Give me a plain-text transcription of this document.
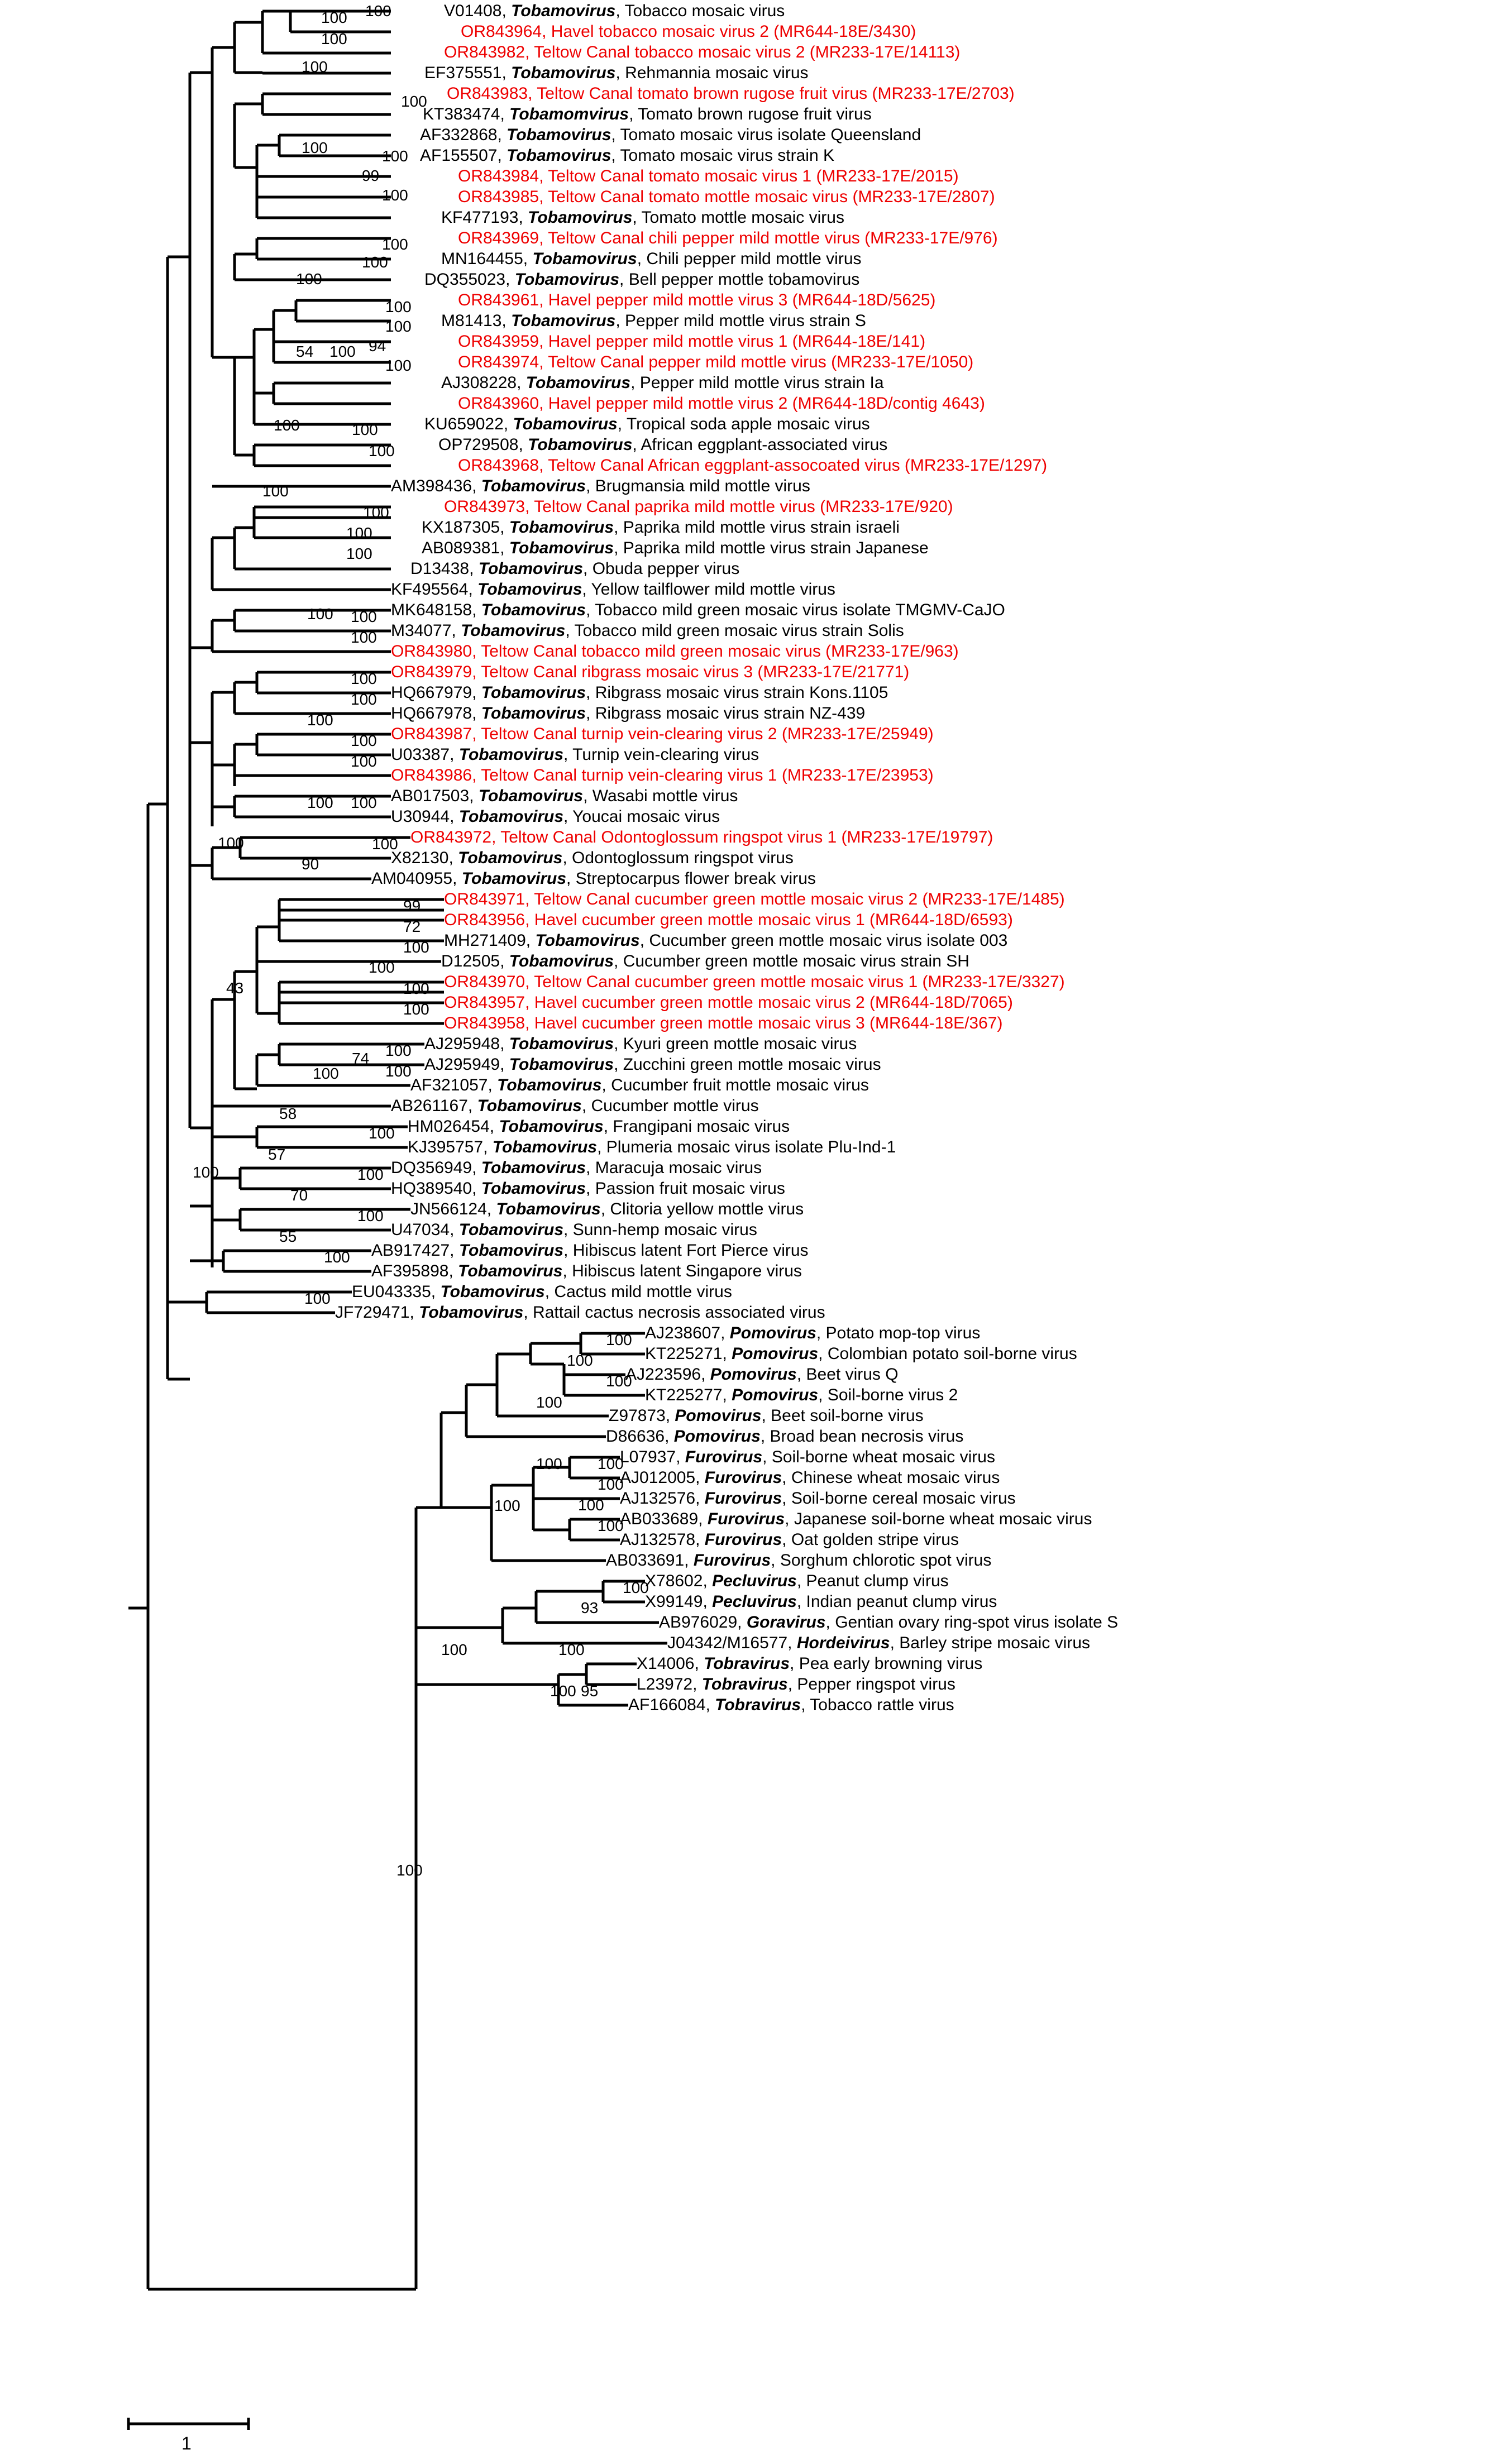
V01408, Tobamovirus, Tobacco mosaic virus
OR843964, Havel tobacco mosaic virus 2 (MR644-18E/3430)
OR843982, Teltow Canal tobacco mosaic virus 2 (MR233-17E/14113)
EF375551, Tobamovirus, Rehmannia mosaic virus
OR843983, Teltow Canal tomato brown rugose fruit virus (MR233-17E/2703)
KT383474, Tobamomvirus, Tomato brown rugose fruit virus
AF332868, Tobamovirus, Tomato mosaic virus isolate Queensland
AF155507, Tobamovirus, Tomato mosaic virus strain K
OR843984, Teltow Canal tomato mosaic virus 1 (MR233-17E/2015)
OR843985, Teltow Canal tomato mottle mosaic virus (MR233-17E/2807)
KF477193, Tobamovirus, Tomato mottle mosaic virus
OR843969, Teltow Canal chili pepper mild mottle virus (MR233-17E/976)
MN164455, Tobamovirus, Chili pepper mild mottle virus
DQ355023, Tobamovirus, Bell pepper mottle tobamovirus
OR843961, Havel pepper mild mottle virus 3 (MR644-18D/5625)
M81413, Tobamovirus, Pepper mild mottle virus strain S
OR843959, Havel pepper mild mottle virus 1 (MR644-18E/141)
OR843974, Teltow Canal pepper mild mottle virus (MR233-17E/1050)
AJ308228, Tobamovirus, Pepper mild mottle virus strain Ia
OR843960, Havel pepper mild mottle virus 2 (MR644-18D/contig 4643)
KU659022, Tobamovirus, Tropical soda apple mosaic virus
OP729508, Tobamovirus, African eggplant-associated virus
OR843968, Teltow Canal African eggplant-assocoated virus (MR233-17E/1297)
AM398436, Tobamovirus, Brugmansia mild mottle virus
OR843973, Teltow Canal paprika mild mottle virus (MR233-17E/920)
KX187305, Tobamovirus, Paprika mild mottle virus strain israeli
AB089381, Tobamovirus, Paprika mild mottle virus strain Japanese
D13438, Tobamovirus, Obuda pepper virus
KF495564, Tobamovirus, Yellow tailflower mild mottle virus
MK648158, Tobamovirus, Tobacco mild green mosaic virus isolate TMGMV-CaJO
M34077, Tobamovirus, Tobacco mild green mosaic virus strain Solis
OR843980, Teltow Canal tobacco mild green mosaic virus (MR233-17E/963)
OR843979, Teltow Canal ribgrass mosaic virus 3 (MR233-17E/21771)
HQ667979, Tobamovirus, Ribgrass mosaic virus strain Kons.1105
HQ667978, Tobamovirus, Ribgrass mosaic virus strain NZ-439
OR843987, Teltow Canal turnip vein-clearing virus 2 (MR233-17E/25949)
U03387, Tobamovirus, Turnip vein-clearing virus
OR843986, Teltow Canal turnip vein-clearing virus 1 (MR233-17E/23953)
AB017503, Tobamovirus, Wasabi mottle virus
U30944, Tobamovirus, Youcai mosaic virus
OR843972, Teltow Canal Odontoglossum ringspot virus 1 (MR233-17E/19797)
X82130, Tobamovirus, Odontoglossum ringspot virus
AM040955, Tobamovirus, Streptocarpus flower break virus
OR843971, Teltow Canal cucumber green mottle mosaic virus 2 (MR233-17E/1485)
OR843956, Havel cucumber green mottle mosaic virus 1 (MR644-18D/6593)
MH271409, Tobamovirus, Cucumber green mottle mosaic virus isolate 003
D12505, Tobamovirus, Cucumber green mottle mosaic virus strain SH
OR843970, Teltow Canal cucumber green mottle mosaic virus 1 (MR233-17E/3327)
OR843957, Havel cucumber green mottle mosaic virus 2 (MR644-18D/7065)
OR843958, Havel cucumber green mottle mosaic virus 3 (MR644-18E/367)
AJ295948, Tobamovirus, Kyuri green mottle mosaic virus
AJ295949, Tobamovirus, Zucchini green mottle mosaic virus
AF321057, Tobamovirus, Cucumber fruit mottle mosaic virus
AB261167, Tobamovirus, Cucumber mottle virus
HM026454, Tobamovirus, Frangipani mosaic virus
KJ395757, Tobamovirus, Plumeria mosaic virus isolate Plu-Ind-1
DQ356949, Tobamovirus, Maracuja mosaic virus
HQ389540, Tobamovirus, Passion fruit mosaic virus
JN566124, Tobamovirus, Clitoria yellow mottle virus
U47034, Tobamovirus, Sunn-hemp mosaic virus
AB917427, Tobamovirus, Hibiscus latent Fort Pierce virus
AF395898, Tobamovirus, Hibiscus latent Singapore virus
EU043335, Tobamovirus, Cactus mild mottle virus
JF729471, Tobamovirus, Rattail cactus necrosis associated virus
AJ238607, Pomovirus, Potato mop-top virus
KT225271, Pomovirus, Colombian potato soil-borne virus
AJ223596, Pomovirus, Beet virus Q
KT225277, Pomovirus, Soil-borne virus 2
Z97873, Pomovirus, Beet soil-borne virus
D86636, Pomovirus, Broad bean necrosis virus
L07937, Furovirus, Soil-borne wheat mosaic virus
AJ012005, Furovirus, Chinese wheat mosaic virus
AJ132576, Furovirus, Soil-borne cereal mosaic virus
AB033689, Furovirus, Japanese soil-borne wheat mosaic virus
AJ132578, Furovirus, Oat golden stripe virus
AB033691, Furovirus, Sorghum chlorotic spot virus
X78602, Pecluvirus, Peanut clump virus
X99149, Pecluvirus, Indian peanut clump virus
AB976029, Goravirus, Gentian ovary ring-spot virus isolate S
J04342/M16577, Hordeivirus, Barley stripe mosaic virus
X14006, Tobravirus, Pea early browning virus
L23972, Tobravirus, Pepper ringspot virus
AF166084, Tobravirus, Tobacco rattle virus
100
100
100
100
100
100	100
99
100
100
100
100
100
100
94
100
54 100
100
100
100
100
100
100
100
100
100
100
100
100
100
100
100
100
100
100
90
99
72
100
100
100
100
100
100
74
100
58
100
57
100
70
100
55
100
100
43
100
100
100
100
100
100
100
100
100
100
100
100
100
93
100
95
100
100
100
1
